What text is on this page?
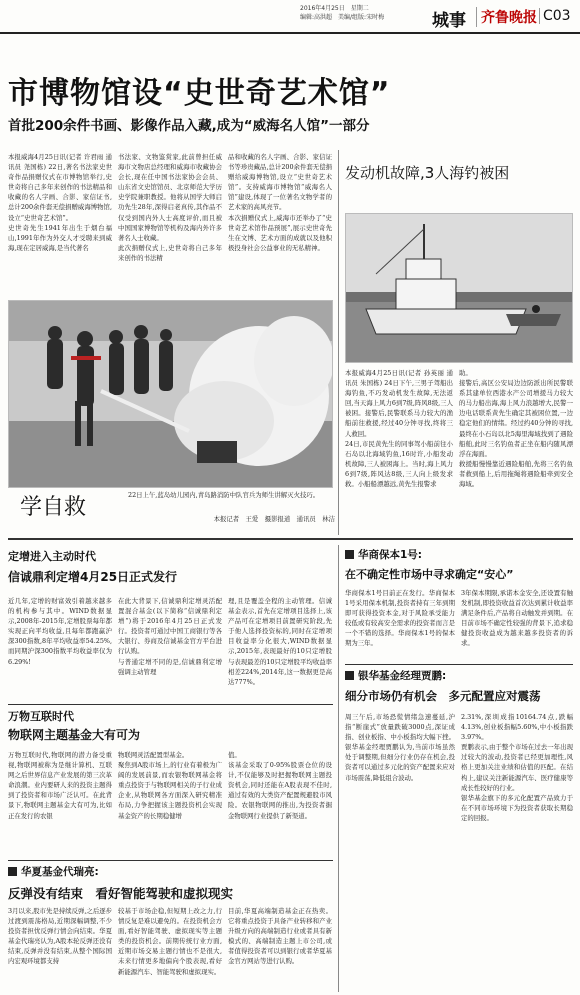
2016年4月25日　星期二
编辑:高洪超　美编/组版:宋时梅	城事	齐鲁晚报 C03
市博物馆设“史世奇艺术馆”
首批200余件书画、影像作品入藏,成为“威海名人馆”一部分
本报威海4月25日讯(记者 许君雨 通讯员 尧国栋) 22日,著名书法家史世奇作品捐赠仪式在市博物馆举行,史世奇将自己多年来创作的书法精品和收藏的名人字画、合影、家信证书,总计200余件套无偿捐赠威海博物馆,设立“史世奇艺术馆”。
史世奇先生1941年出生于烟台福山,1991年作为外交人才受聘来到威海,现在定居威海,是当代著名
书法家、文物鉴赏家,此前曾担任威海市文物店总经理和威海市收藏协会会长,现在任中国书法家协会会员、山东省文史馆馆员、北京师范大学历史学院兼职教授。他将从国学大师启功先生28年,深得启老真传,其作品不仅受到国内外人士高度评价,而且被中国国家博物馆等机构及海内外许多著名人士收藏。
此次捐赠仪式上,史世奇将自己多年来创作的书法精
品和收藏的名人字画、合影、家信证书等珍贵藏品,总计200余件套无偿捐赠给威海博物馆,设立“史世奇艺术馆”。支持威海市博物馆“威海名人馆”建设,体现了一位著名文物学者的艺术家的高风亮节。
本次捐赠仪式上,威海市还举办了“史世奇艺术馆作品预展”,展示史世奇先生在文博、艺术方面的成就以及他积极投身社会公益事业的无私精神。
学自救	22日上午,蓝岛幼儿园内,青岛路消防中队官兵为师生讲解灭火技巧。
本报记者　王爱　摄影报道　通讯员　林洁
发动机故障,3人海钓被困
本报威海4月25日讯(记者 孙英丽 通讯员 朱国栋) 24日下午,三男子驾船出海钓鱼,不巧发动机发生故障,无法返回,当天海上风力6到7级,阵风8级,三人被困。接警后,民警联系马力较大的渔船前往救援,经过40分钟寻找,终将三人救回。
24日,市民黄先生的同事驾小船前往小石岛以北海域钓鱼,16时许,小船发动机故障,三人被困海上。当时,海上风力6到7级,阵风达8级,三人向上级发求救。小船船漂越远,黄先生报警求
助。
接警后,高区公安局边边防派出所民警联系其建单位西港水产公司增援马力较大的马力船出海,海上风力浪越增大,民警一边电话联系黄先生确定其被困位置,一边稳定他们的情绪。经过约40分钟的寻找,最终在小石岛以北5海里海域找到了遇险船舶,此时三名钓鱼者正坐在船内随风漂浮在海面。
救援船慢慢靠近遇险船舶,先将三名钓鱼者救到船上,后用拖绳将遇险船牵到安全海域。
定增进入主动时代
信诚鼎利定增4月25日正式发行
近几年,定增的财富效引着越来越多的机构参与其中。WIND数据显示,2008年-2015年,定增股票每年都实现正向平均收益,且每年都跑赢沪深300指数,8年平均收益率54.25%,而同期沪深300指数平均收益率仅为6.29%!
在此大背景下,信诚鼎利定增灵活配置混合基金(以下简称“信诚鼎利定增”)将于2016年4月25日正式发行。投资者可通过中国工商银行等各大银行、券商及信诚基金官方平台进行认购。
与普通定增不同的是,信诚鼎利定增强调主动管理
理,且是覆盖全程的主动管理。信诚基金表示,首先在定增项目选择上,该产品可在定增项目前置研究阶段,先于他人选择投资标的,同时在定增项目收益率分化很大,WIND数据显示,2015年,表现最好的10只定增股与表现最差的10只定增股平均收益率相差224%,2014年,这一数据更是高达777%。
万物互联时代
物联网主题基金大有可为
万物互联时代,物联网的潜力备受重视,物联网被称为是继计算机、互联网之后世界信息产业发展的第三次革命浪潮。业内要研人来的投资主题得到了投资者和市场广泛认可。在此背景下,物联网主题基金大有可为,比如正在发行的农银
物联网灵活配置型基金。
聚焦到A股市场上,的行业有着极为广阔的发展前景,而农银物联网基金将重点投资于与物联网相关的子行业成企业,从物联网各方面深入研究精准布局,力争把握该主题投资机会实现基金资产的长期稳健增
值。
该基金采取了0-95%股票仓位的设计,不仅能够及时把握物联网主题投资机会,同时还能在A股表现不佳时,通过有效的大类资产配置规避股市风险。农银物联网的推出,为投资者掘金物联网行业提供了新渠道。
华夏基金代瑞亮:
反弹没有结束　看好智能驾驶和虚拟现实
3月以来,股市先是持续反弹,之后逐步过渡到震荡格局,近期深幅调整,不少投资者担忧反弹行情会向结束。华夏基金代瑞亮认为,A股本轮反弹还没有结束,反弹并没有结束,从整个国际国内宏观环境都支持
较基于市场企稳,但短期上改之力,行情反复是难以避免的。在投资机会方面,看好智能驾驶、虚拟现实等主题类的投资机会。前期传统行业方面,近期市场交易主题行情也不是很大,未来行情更多地偏向个股表现,看好新能源汽车、智能驾驶和虚拟现实。
目前,华夏高端制造基金正在热卖。它将重点投资于具备产业转移和产业升级方向的高端制造行业或者具有新模式的、高端制造主题上市公司,或者值得投资者可以到银行或者华夏基金官方网站等进行认购。
华商保本1号:
在不确定性市场中寻求确定“安心”
华商保本1号目前正在发行。华商保本1号采用保本机制,投资者持有三年到期即可获得投资本金,对于风险承受能力较低或有较高安全需求的投资者而言是一个不错的选择。华商保本1号的保本期为三年。
3年保本期限,承诺本金安全,还设置有触发机制,即投资收益首次达到累计收益率满足条件后,产品将自动触发并到期。在目前市场不确定性较强的背景下,追求稳健投资收益成为越来越多投资者的诉求。
银华基金经理贾鹏:
细分市场仍有机会　多元配置应对震荡
周三午后,市场恐慌情绪急速蔓延,沪指“断崖式”放量跌破3000点,深证成指、创业板指、中小板指均大幅下挫。银华基金经理贾鹏认为,当前市场虽然处于调整期,但细分行业仍存在机会,投资者可以通过多元化的资产配置来应对市场震荡,降低组合波动。
2.31%,深圳成指10164.74点,跌幅4.13%,创业板指幅5.60%,中小板指跌3.97%。
贾鹏表示,由于整个市场在过去一年出现过较大的波动,投资者已经更加理性,风格上更加关注业绩和估值的匹配。在结构上,建议关注新能源汽车、医疗健康等成长性较好的行业。
银华基金旗下的多元化配置产品致力于在不同市场环境下为投资者获取长期稳定的回报。
